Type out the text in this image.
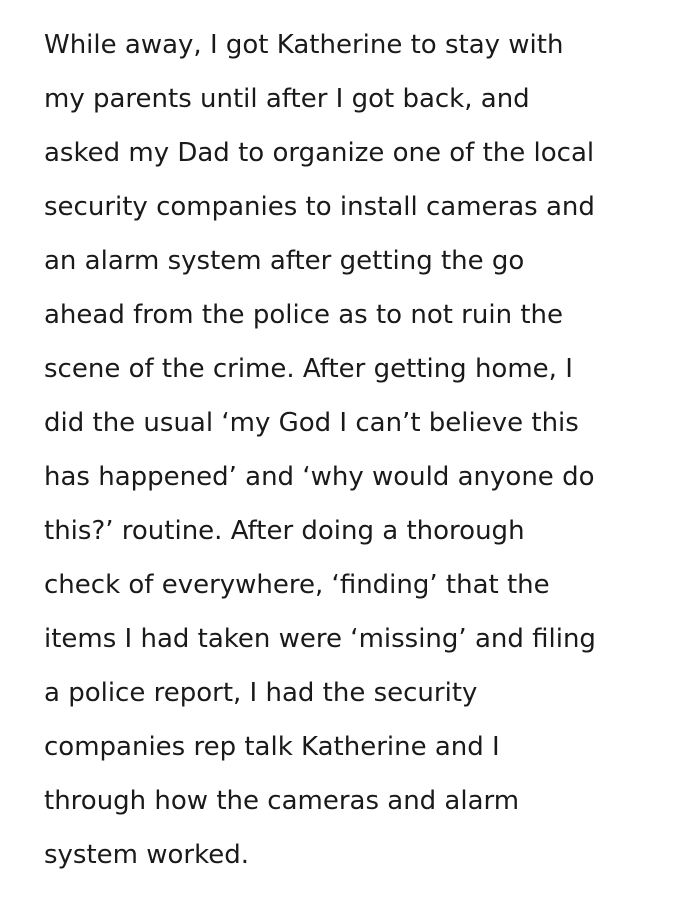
While away, I got Katherine to stay with
my parents until after I got back, and
asked my Dad to organize one of the local
security companies to install cameras and
an alarm system after getting the go
ahead from the police as to not ruin the
scene of the crime. After getting home, I
did the usual ‘my God I can’t believe this
has happened’ and ‘why would anyone do
this?’ routine. After doing a thorough
check of everywhere, ‘finding’ that the
items I had taken were ‘missing’ and filing
a police report, I had the security
companies rep talk Katherine and I
through how the cameras and alarm
system worked.
